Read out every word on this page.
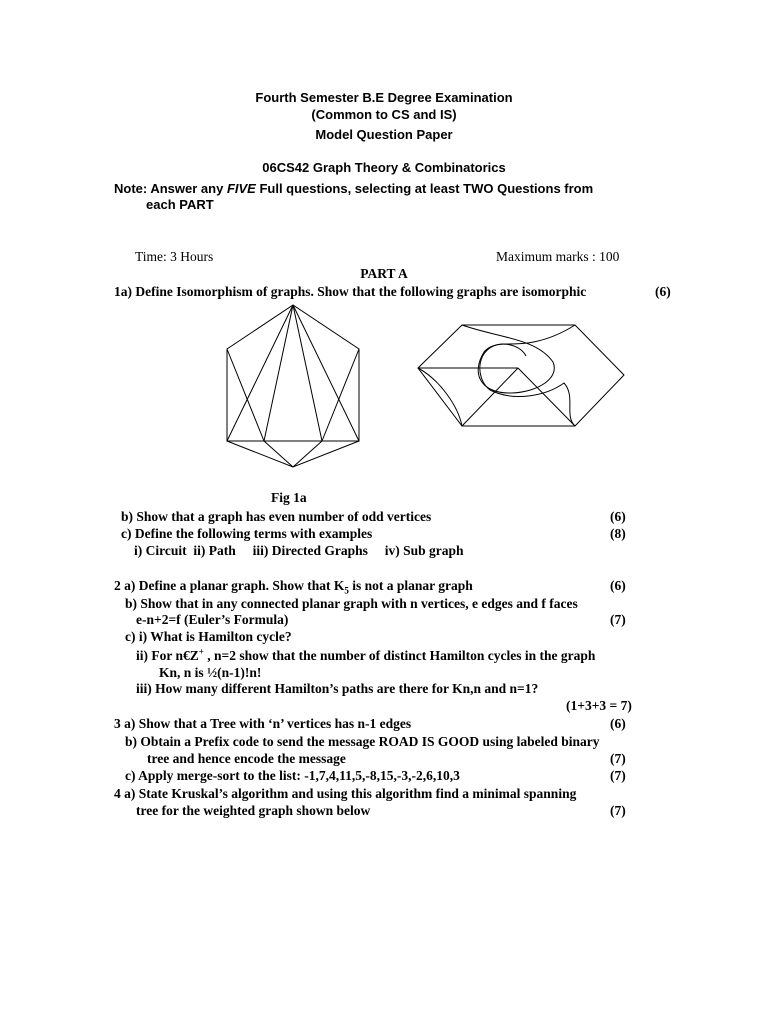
Fourth Semester B.E Degree Examination
(Common to CS and IS)
Model Question Paper
06CS42 Graph Theory & Combinatorics
Note: Answer any FIVE Full questions, selecting at least TWO Questions from
each PART
Time: 3 Hours	Maximum marks : 100
PART A
1a) Define Isomorphism of graphs. Show that the following graphs are isomorphic	(6)
Fig 1a
b) Show that a graph has even number of odd vertices	(6)
c) Define the following terms with examples	(8)
i) Circuit  ii) Path     iii) Directed Graphs     iv) Sub graph
2 a) Define a planar graph. Show that $K_5$ is not a planar graph	(6)
b) Show that in any connected planar graph with n vertices, e edges and f faces
e-n+2=f (Euler’s Formula)	(7)
c) i) What is Hamilton cycle?
ii) For n€Z+ , n=2 show that the number of distinct Hamilton cycles in the graph
Kn, n is ½(n-1)!n!
iii) How many different Hamilton’s paths are there for Kn,n and n=1?
(1+3+3 = 7)
3 a) Show that a Tree with ‘n’ vertices has n-1 edges	(6)
b) Obtain a Prefix code to send the message ROAD IS GOOD using labeled binary
tree and hence encode the message	(7)
c) Apply merge-sort to the list: -1,7,4,11,5,-8,15,-3,-2,6,10,3	(7)
4 a) State Kruskal’s algorithm and using this algorithm find a minimal spanning
tree for the weighted graph shown below	(7)
